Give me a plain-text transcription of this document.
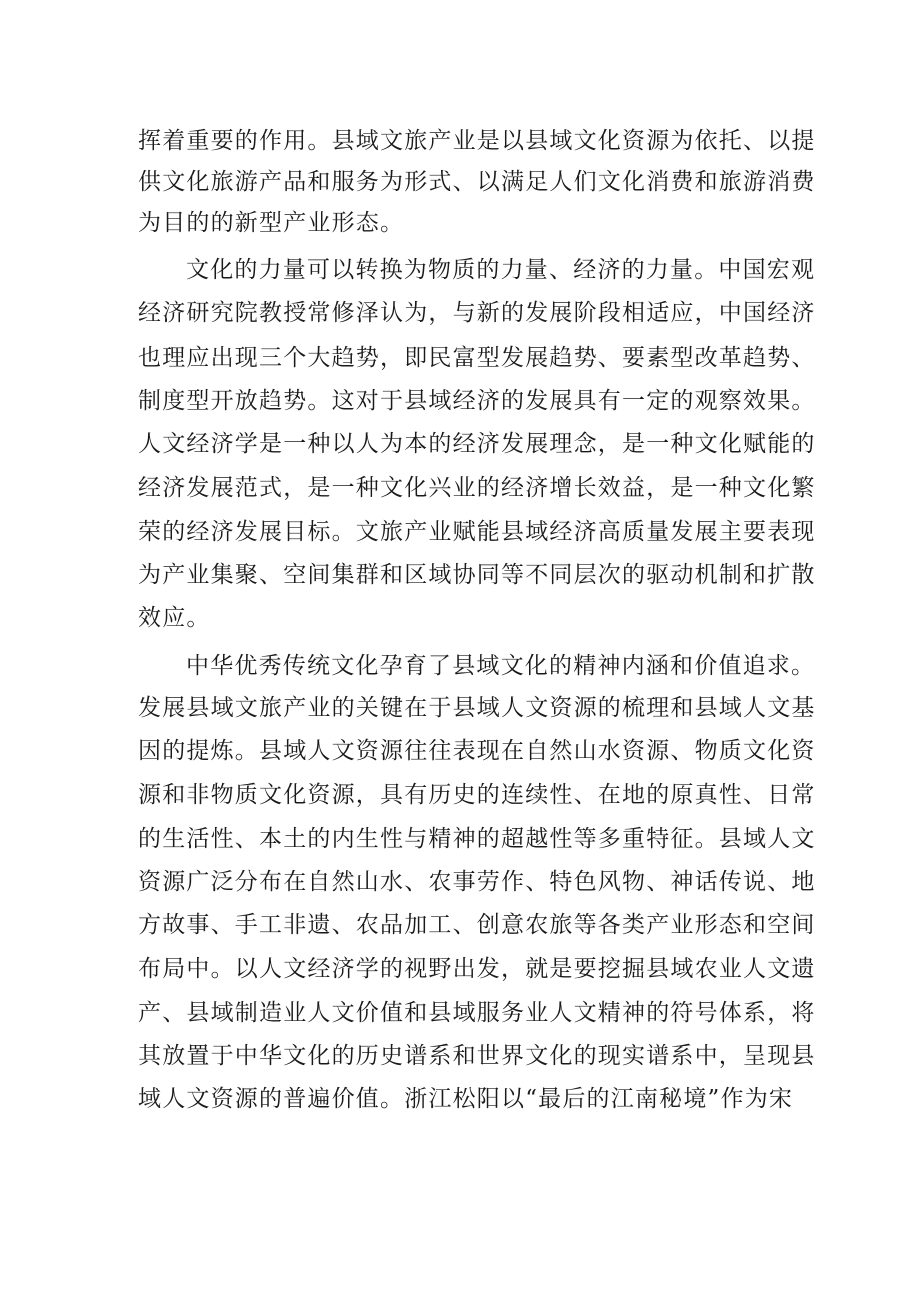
挥着重要的作用。县域文旅产业是以县域文化资源为依托、以提
供文化旅游产品和服务为形式、以满足人们文化消费和旅游消费
为目的的新型产业形态。
文化的力量可以转换为物质的力量、经济的力量。中国宏观
经济研究院教授常修泽认为，与新的发展阶段相适应，中国经济
也理应出现三个大趋势，即民富型发展趋势、要素型改革趋势、
制度型开放趋势。这对于县域经济的发展具有一定的观察效果。
人文经济学是一种以人为本的经济发展理念，是一种文化赋能的
经济发展范式，是一种文化兴业的经济增长效益，是一种文化繁
荣的经济发展目标。文旅产业赋能县域经济高质量发展主要表现
为产业集聚、空间集群和区域协同等不同层次的驱动机制和扩散
效应。
中华优秀传统文化孕育了县域文化的精神内涵和价值追求。
发展县域文旅产业的关键在于县域人文资源的梳理和县域人文基
因的提炼。县域人文资源往往表现在自然山水资源、物质文化资
源和非物质文化资源，具有历史的连续性、在地的原真性、日常
的生活性、本土的内生性与精神的超越性等多重特征。县域人文
资源广泛分布在自然山水、农事劳作、特色风物、神话传说、地
方故事、手工非遗、农品加工、创意农旅等各类产业形态和空间
布局中。以人文经济学的视野出发，就是要挖掘县域农业人文遗
产、县域制造业人文价值和县域服务业人文精神的符号体系，将
其放置于中华文化的历史谱系和世界文化的现实谱系中，呈现县
域人文资源的普遍价值。浙江松阳以“最后的江南秘境”作为宋
